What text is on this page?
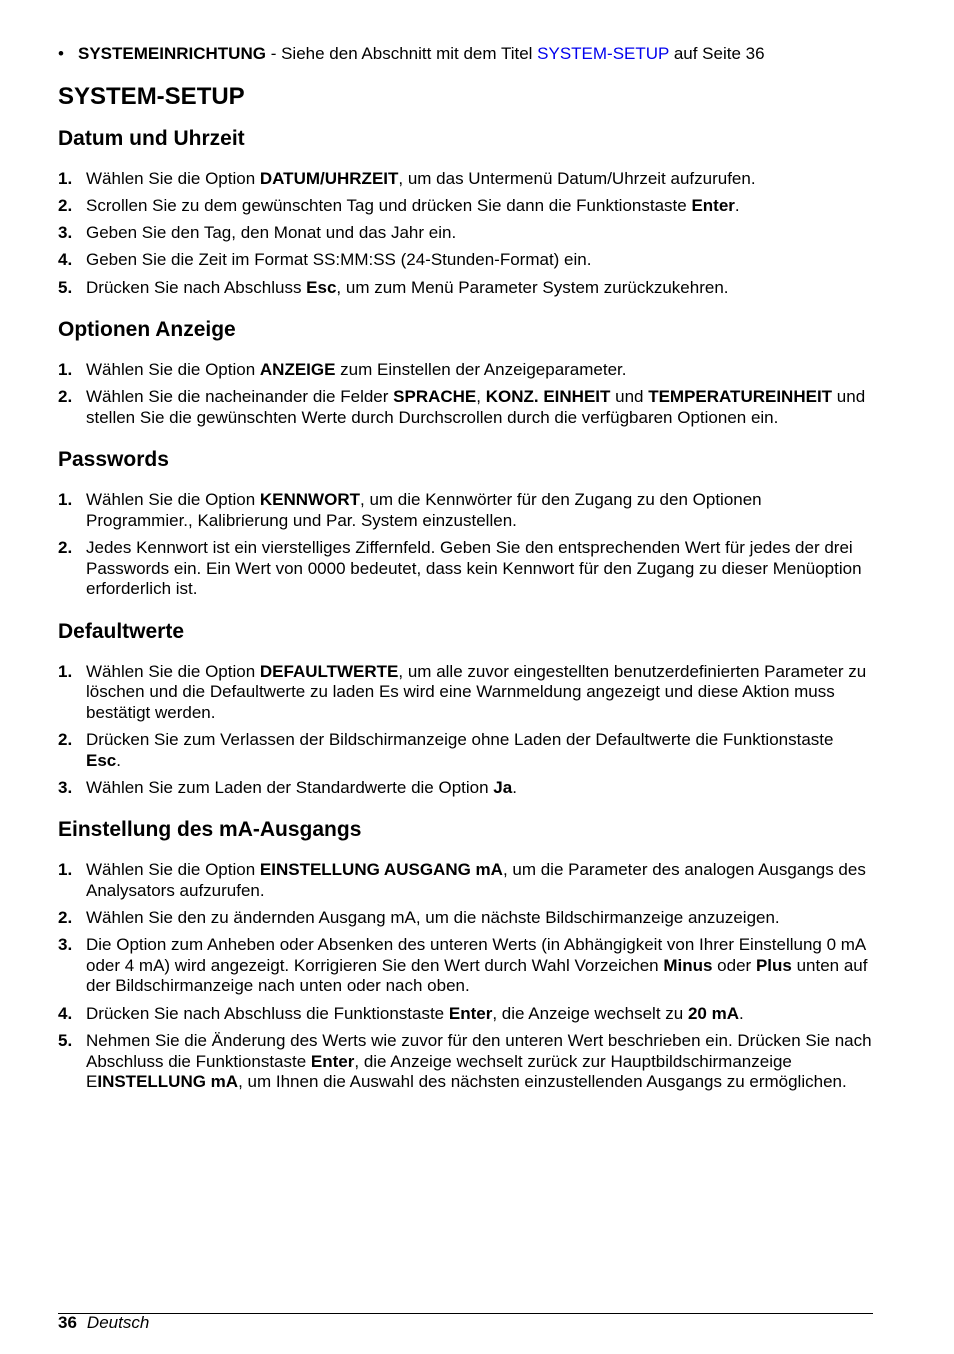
• SYSTEMEINRICHTUNG - Siehe den Abschnitt mit dem Titel SYSTEM-SETUP auf Seite 36
SYSTEM-SETUP
Datum und Uhrzeit
1. Wählen Sie die Option DATUM/UHRZEIT, um das Untermenü Datum/Uhrzeit aufzurufen.
2. Scrollen Sie zu dem gewünschten Tag und drücken Sie dann die Funktionstaste Enter.
3. Geben Sie den Tag, den Monat und das Jahr ein.
4. Geben Sie die Zeit im Format SS:MM:SS (24-Stunden-Format) ein.
5. Drücken Sie nach Abschluss Esc, um zum Menü Parameter System zurückzukehren.
Optionen Anzeige
1. Wählen Sie die Option ANZEIGE zum Einstellen der Anzeigeparameter.
2. Wählen Sie die nacheinander die Felder SPRACHE, KONZ. EINHEIT und TEMPERATUREINHEIT und stellen Sie die gewünschten Werte durch Durchscrollen durch die verfügbaren Optionen ein.
Passwords
1. Wählen Sie die Option KENNWORT, um die Kennwörter für den Zugang zu den Optionen Programmier., Kalibrierung und Par. System einzustellen.
2. Jedes Kennwort ist ein vierstelliges Ziffernfeld. Geben Sie den entsprechenden Wert für jedes der drei Passwords ein. Ein Wert von 0000 bedeutet, dass kein Kennwort für den Zugang zu dieser Menüoption erforderlich ist.
Defaultwerte
1. Wählen Sie die Option DEFAULTWERTE, um alle zuvor eingestellten benutzerdefinierten Parameter zu löschen und die Defaultwerte zu laden Es wird eine Warnmeldung angezeigt und diese Aktion muss bestätigt werden.
2. Drücken Sie zum Verlassen der Bildschirmanzeige ohne Laden der Defaultwerte die Funktionstaste Esc.
3. Wählen Sie zum Laden der Standardwerte die Option Ja.
Einstellung des mA-Ausgangs
1. Wählen Sie die Option EINSTELLUNG AUSGANG mA, um die Parameter des analogen Ausgangs des Analysators aufzurufen.
2. Wählen Sie den zu ändernden Ausgang mA, um die nächste Bildschirmanzeige anzuzeigen.
3. Die Option zum Anheben oder Absenken des unteren Werts (in Abhängigkeit von Ihrer Einstellung 0 mA oder 4 mA) wird angezeigt. Korrigieren Sie den Wert durch Wahl Vorzeichen Minus oder Plus unten auf der Bildschirmanzeige nach unten oder nach oben.
4. Drücken Sie nach Abschluss die Funktionstaste Enter, die Anzeige wechselt zu 20 mA.
5. Nehmen Sie die Änderung des Werts wie zuvor für den unteren Wert beschrieben ein. Drücken Sie nach Abschluss die Funktionstaste Enter, die Anzeige wechselt zurück zur Hauptbildschirmanzeige EINSTELLUNG mA, um Ihnen die Auswahl des nächsten einzustellenden Ausgangs zu ermöglichen.
36 Deutsch
